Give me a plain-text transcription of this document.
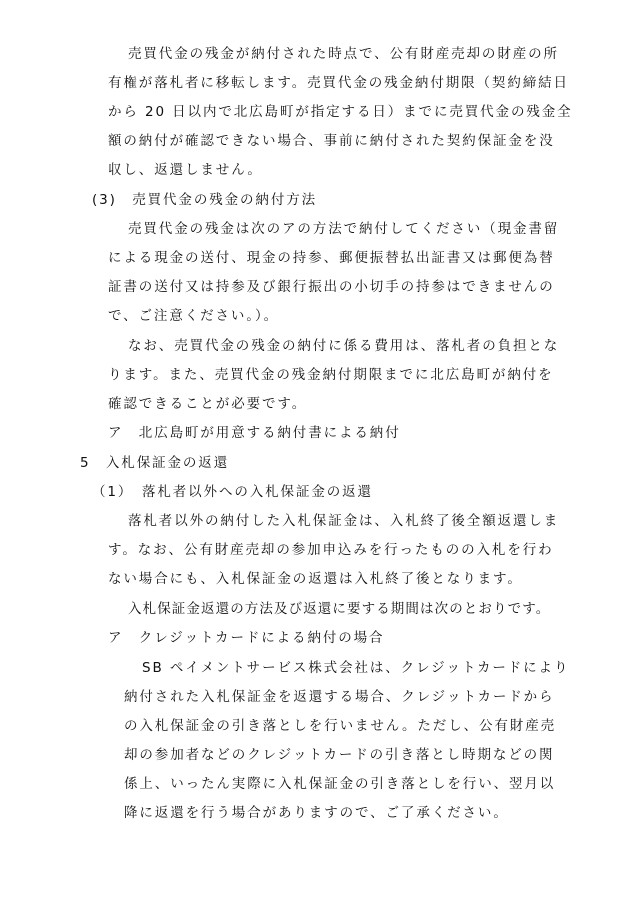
売買代金の残金が納付された時点で、公有財産売却の財産の所
有権が落札者に移転します。売買代金の残金納付期限（契約締結日
から 20 日以内で北広島町が指定する日）までに売買代金の残金全
額の納付が確認できない場合、事前に納付された契約保証金を没
収し、返還しません。
(3)　売買代金の残金の納付方法
売買代金の残金は次のアの方法で納付してください（現金書留
による現金の送付、現金の持参、郵便振替払出証書又は郵便為替
証書の送付又は持参及び銀行振出の小切手の持参はできませんの
で、ご注意ください。）。
なお、売買代金の残金の納付に係る費用は、落札者の負担とな
ります。また、売買代金の残金納付期限までに北広島町が納付を
確認できることが必要です。
ア　北広島町が用意する納付書による納付
5　入札保証金の返還
（1）　落札者以外への入札保証金の返還
落札者以外の納付した入札保証金は、入札終了後全額返還しま
す。なお、公有財産売却の参加申込みを行ったものの入札を行わ
ない場合にも、入札保証金の返還は入札終了後となります。
入札保証金返還の方法及び返還に要する期間は次のとおりです。
ア　クレジットカードによる納付の場合
SB ペイメントサービス株式会社は、クレジットカードにより
納付された入札保証金を返還する場合、クレジットカードから
の入札保証金の引き落としを行いません。ただし、公有財産売
却の参加者などのクレジットカードの引き落とし時期などの関
係上、いったん実際に入札保証金の引き落としを行い、翌月以
降に返還を行う場合がありますので、ご了承ください。
